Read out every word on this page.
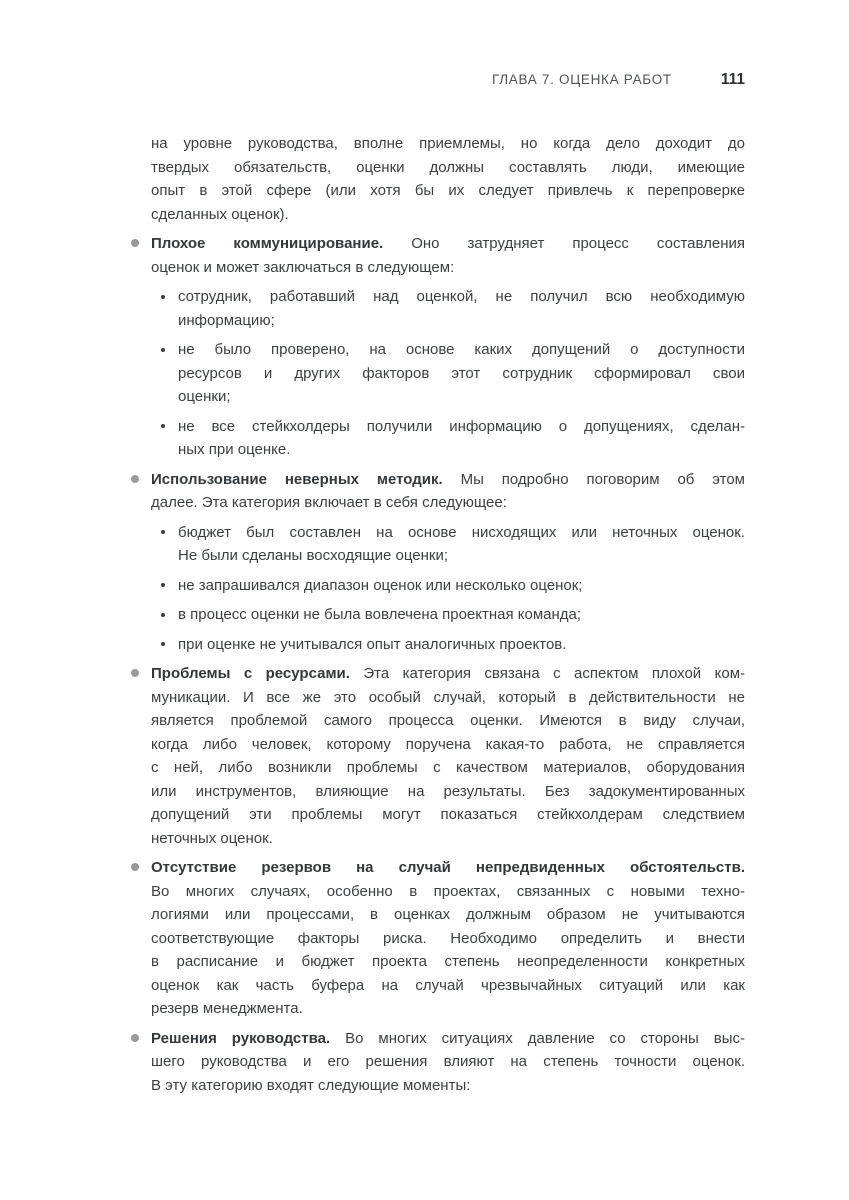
ГЛАВА 7. ОЦЕНКА РАБОТ	111
на уровне руководства, вполне приемлемы, но когда дело доходит до
твердых обязательств, оценки должны составлять люди, имеющие
опыт в этой сфере (или хотя бы их следует привлечь к перепроверке
сделанных оценок).
Плохое коммуницирование. Оно затрудняет процесс составления
оценок и может заключаться в следующем:
сотрудник, работавший над оценкой, не получил всю необходимую
информацию;
не было проверено, на основе каких допущений о доступности
ресурсов и других факторов этот сотрудник сформировал свои
оценки;
не все стейкхолдеры получили информацию о допущениях, сделан-
ных при оценке.
Использование неверных методик. Мы подробно поговорим об этом
далее. Эта категория включает в себя следующее:
бюджет был составлен на основе нисходящих или неточных оценок.
Не были сделаны восходящие оценки;
не запрашивался диапазон оценок или несколько оценок;
в процесс оценки не была вовлечена проектная команда;
при оценке не учитывался опыт аналогичных проектов.
Проблемы с ресурсами. Эта категория связана с аспектом плохой ком-
муникации. И все же это особый случай, который в действительности не
является проблемой самого процесса оценки. Имеются в виду случаи,
когда либо человек, которому поручена какая-то работа, не справляется
с ней, либо возникли проблемы с качеством материалов, оборудования
или инструментов, влияющие на результаты. Без задокументированных
допущений эти проблемы могут показаться стейкхолдерам следствием
неточных оценок.
Отсутствие резервов на случай непредвиденных обстоятельств.
Во многих случаях, особенно в проектах, связанных с новыми техно-
логиями или процессами, в оценках должным образом не учитываются
соответствующие факторы риска. Необходимо определить и внести
в расписание и бюджет проекта степень неопределенности конкретных
оценок как часть буфера на случай чрезвычайных ситуаций или как
резерв менеджмента.
Решения руководства. Во многих ситуациях давление со стороны выс-
шего руководства и его решения влияют на степень точности оценок.
В эту категорию входят следующие моменты:
